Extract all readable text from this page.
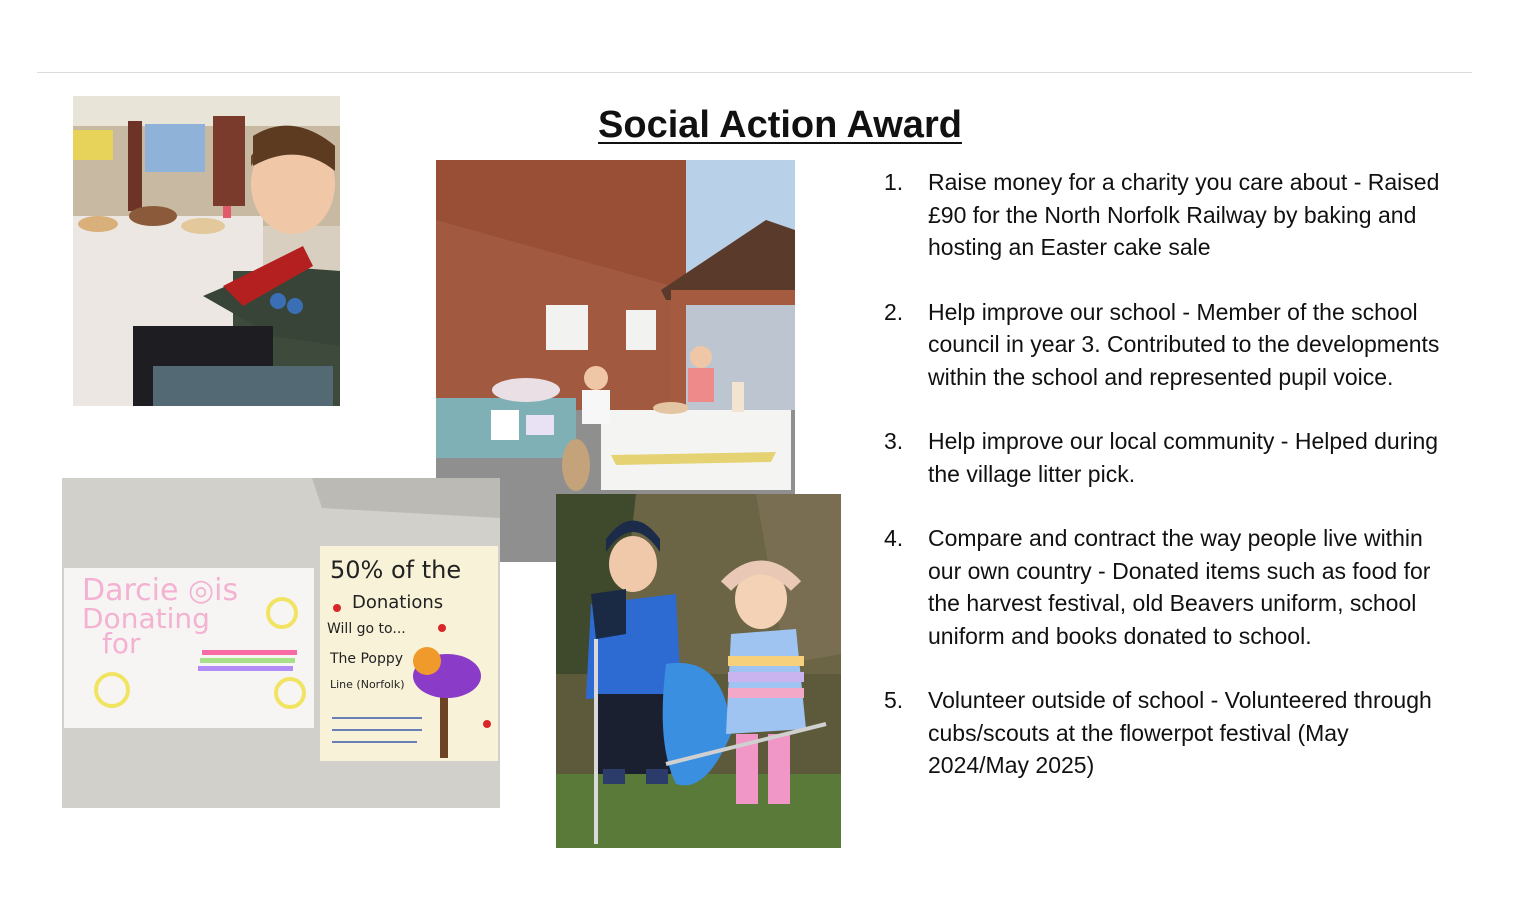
Social Action Award
Darcie ◎is
Donating
for
50% of the
Donations
Will go to...
The Poppy
Line (Norfolk)
1.	Raise money for a charity you care about - Raised £90 for the North Norfolk Railway by baking and hosting an Easter cake sale
2.	Help improve our school - Member of the school council in year 3. Contributed to the developments within the school and represented pupil voice.
3.	Help improve our local community - Helped during the village litter pick.
4.	Compare and contract the way people live within our own country - Donated items such as food for the harvest festival, old Beavers uniform, school uniform and books donated to school.
5.	Volunteer outside of school - Volunteered through cubs/scouts at the flowerpot festival (May 2024/May 2025)
